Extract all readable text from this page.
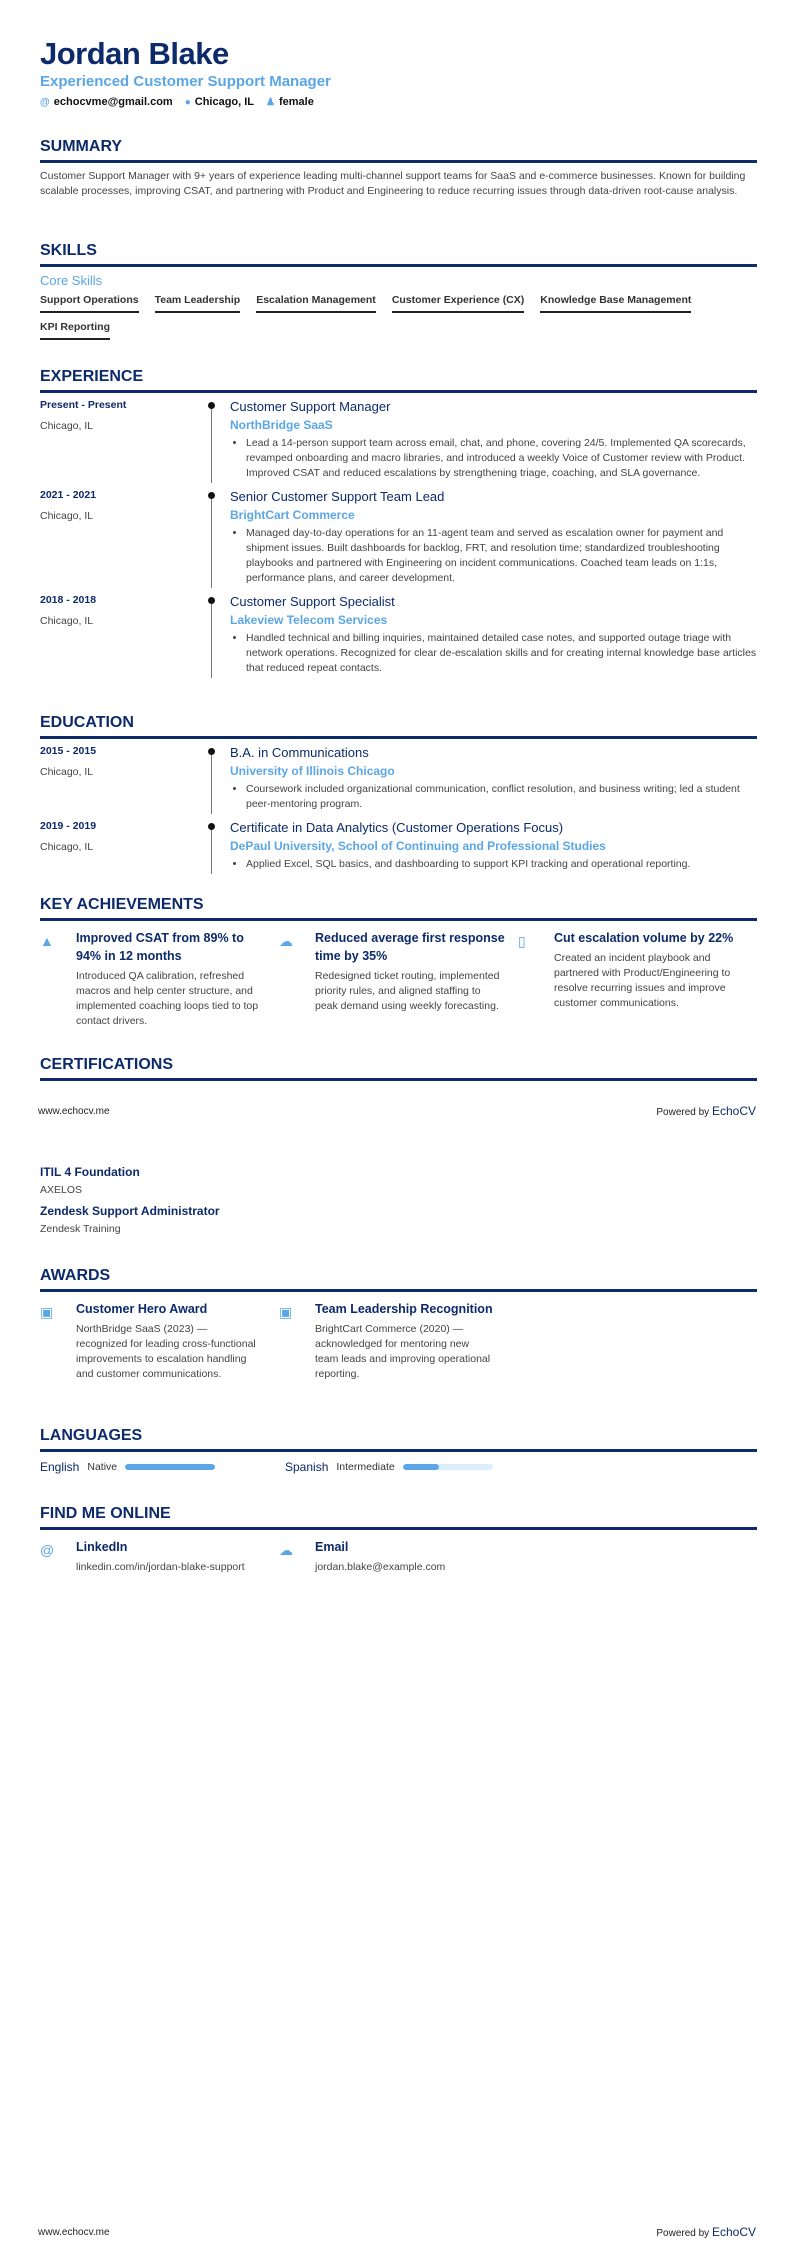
Jordan Blake
Experienced Customer Support Manager
@ echocvme@gmail.com ● Chicago, IL ♟ female
SUMMARY

Customer Support Manager with 9+ years of experience leading multi-channel support teams for SaaS and e-commerce businesses. Known for building scalable processes, improving CSAT, and partnering with Product and Engineering to reduce recurring issues through data-driven root-cause analysis.

SKILLS
Core Skills
Support Operations Team Leadership Escalation Management Customer Experience (CX) Knowledge Base Management
KPI Reporting
EXPERIENCE
Present - Present
Chicago, IL
Customer Support Manager
NorthBridge SaaS
• Lead a 14-person support team across email, chat, and phone, covering 24/5. Implemented QA scorecards, revamped onboarding and macro libraries, and introduced a weekly Voice of Customer review with Product. Improved CSAT and reduced escalations by strengthening triage, coaching, and SLA governance.
2021 - 2021
Chicago, IL
Senior Customer Support Team Lead
BrightCart Commerce
• Managed day-to-day operations for an 11-agent team and served as escalation owner for payment and shipment issues. Built dashboards for backlog, FRT, and resolution time; standardized troubleshooting playbooks and partnered with Engineering on incident communications. Coached team leads on 1:1s, performance plans, and career development.
2018 - 2018
Chicago, IL
Customer Support Specialist
Lakeview Telecom Services
• Handled technical and billing inquiries, maintained detailed case notes, and supported outage triage with network operations. Recognized for clear de-escalation skills and for creating internal knowledge base articles that reduced repeat contacts.
EDUCATION
2015 - 2015
Chicago, IL
B.A. in Communications
University of Illinois Chicago
• Coursework included organizational communication, conflict resolution, and business writing; led a student peer-mentoring program.
2019 - 2019
Chicago, IL
Certificate in Data Analytics (Customer Operations Focus)
DePaul University, School of Continuing and Professional Studies
• Applied Excel, SQL basics, and dashboarding to support KPI tracking and operational reporting.
KEY ACHIEVEMENTS
▲	Improved CSAT from 89% to 94% in 12 months
Introduced QA calibration, refreshed macros and help center structure, and implemented coaching loops tied to top contact drivers.
☁	Reduced average first response time by 35%
Redesigned ticket routing, implemented priority rules, and aligned staffing to peak demand using weekly forecasting.
▯	Cut escalation volume by 22%
Created an incident playbook and partnered with Product/Engineering to resolve recurring issues and improve customer communications.
CERTIFICATIONS
www.echocv.me	Powered by EchoCV
ITIL 4 Foundation
AXELOS
Zendesk Support Administrator
Zendesk Training
AWARDS
▣	Customer Hero Award
NorthBridge SaaS (2023) — recognized for leading cross-functional improvements to escalation handling and customer communications.
▣	Team Leadership Recognition
BrightCart Commerce (2020) — acknowledged for mentoring new team leads and improving operational reporting.
LANGUAGES
English Native	Spanish Intermediate
FIND ME ONLINE
@	LinkedIn
linkedin.com/in/jordan-blake-support
☁	Email
jordan.blake@example.com
www.echocv.me	Powered by EchoCV
